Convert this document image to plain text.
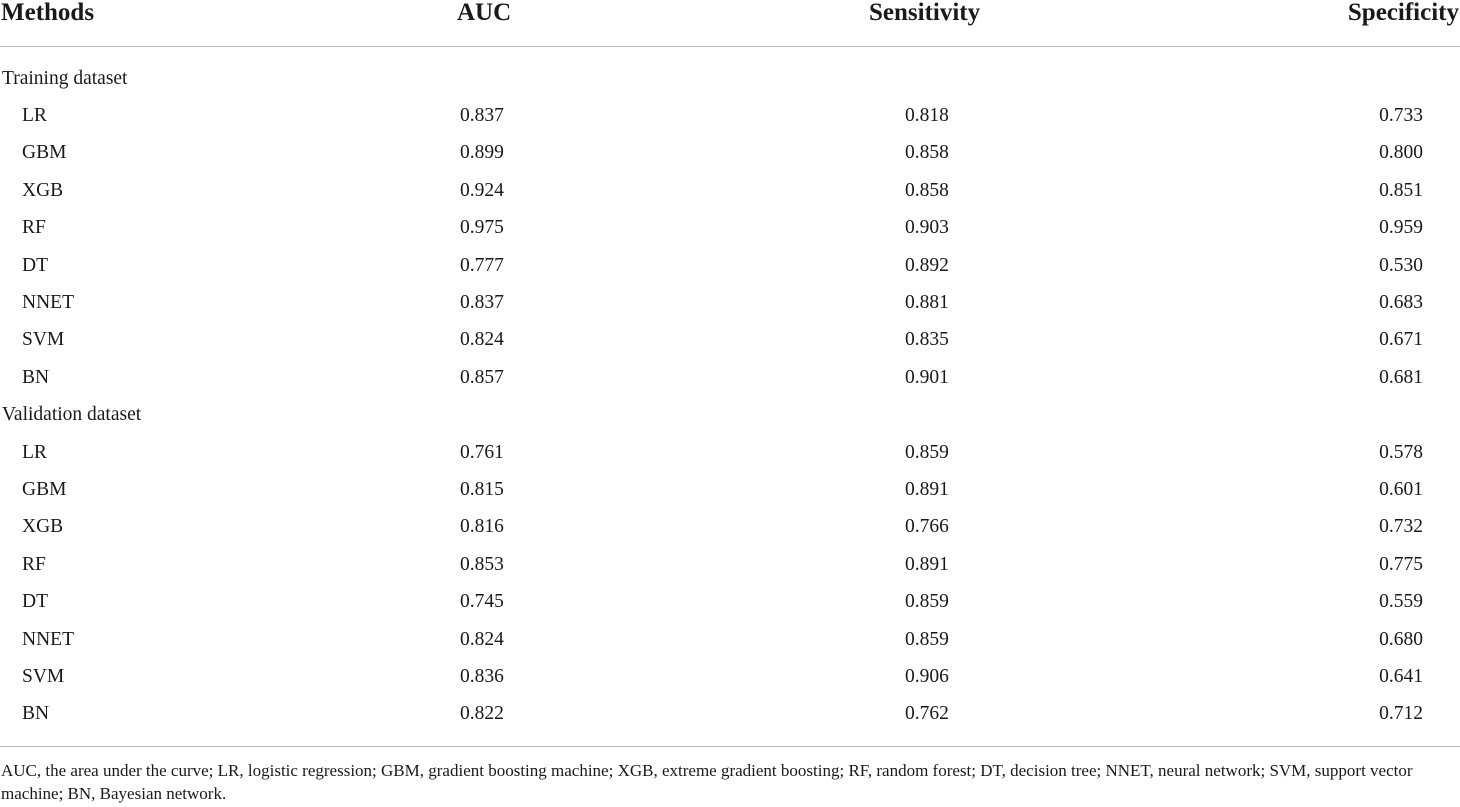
Methods	AUC	Sensitivity	Specificity
Training dataset
LR	0.837	0.818	0.733
GBM	0.899	0.858	0.800
XGB	0.924	0.858	0.851
RF	0.975	0.903	0.959
DT	0.777	0.892	0.530
NNET	0.837	0.881	0.683
SVM	0.824	0.835	0.671
BN	0.857	0.901	0.681
Validation dataset
LR	0.761	0.859	0.578
GBM	0.815	0.891	0.601
XGB	0.816	0.766	0.732
RF	0.853	0.891	0.775
DT	0.745	0.859	0.559
NNET	0.824	0.859	0.680
SVM	0.836	0.906	0.641
BN	0.822	0.762	0.712
AUC, the area under the curve; LR, logistic regression; GBM, gradient boosting machine; XGB, extreme gradient boosting; RF, random forest; DT, decision tree; NNET, neural network; SVM, support vector machine; BN, Bayesian network.
